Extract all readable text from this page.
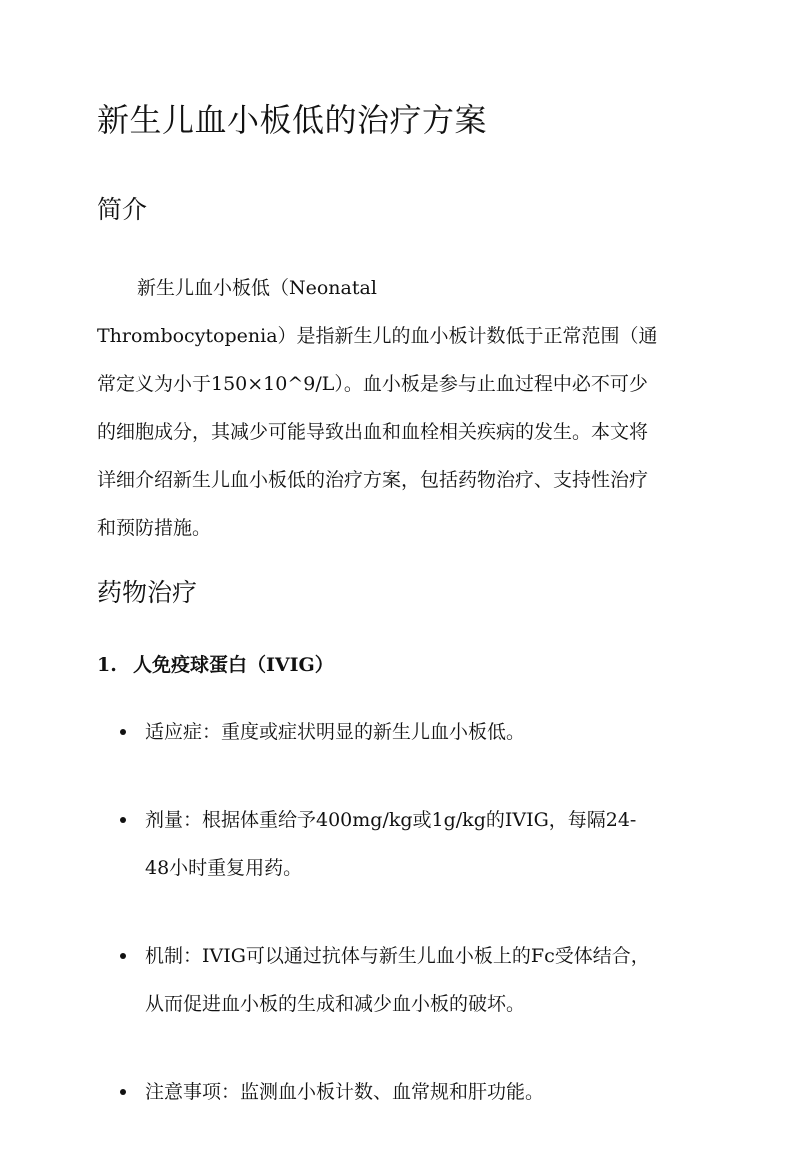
新生儿血小板低的治疗方案
简介
新生儿血小板低（Neonatal
Thrombocytopenia）是指新生儿的血小板计数低于正常范围（通
常定义为小于150×10^9/L）。血小板是参与止血过程中必不可少
的细胞成分，其减少可能导致出血和血栓相关疾病的发生。本文将
详细介绍新生儿血小板低的治疗方案，包括药物治疗、支持性治疗
和预防措施。
药物治疗
1. 人免疫球蛋白（IVIG）
适应症：重度或症状明显的新生儿血小板低。
剂量：根据体重给予400mg/kg或1g/kg的IVIG，每隔24-
48小时重复用药。
机制：IVIG可以通过抗体与新生儿血小板上的Fc受体结合，
从而促进血小板的生成和减少血小板的破坏。
注意事项：监测血小板计数、血常规和肝功能。
